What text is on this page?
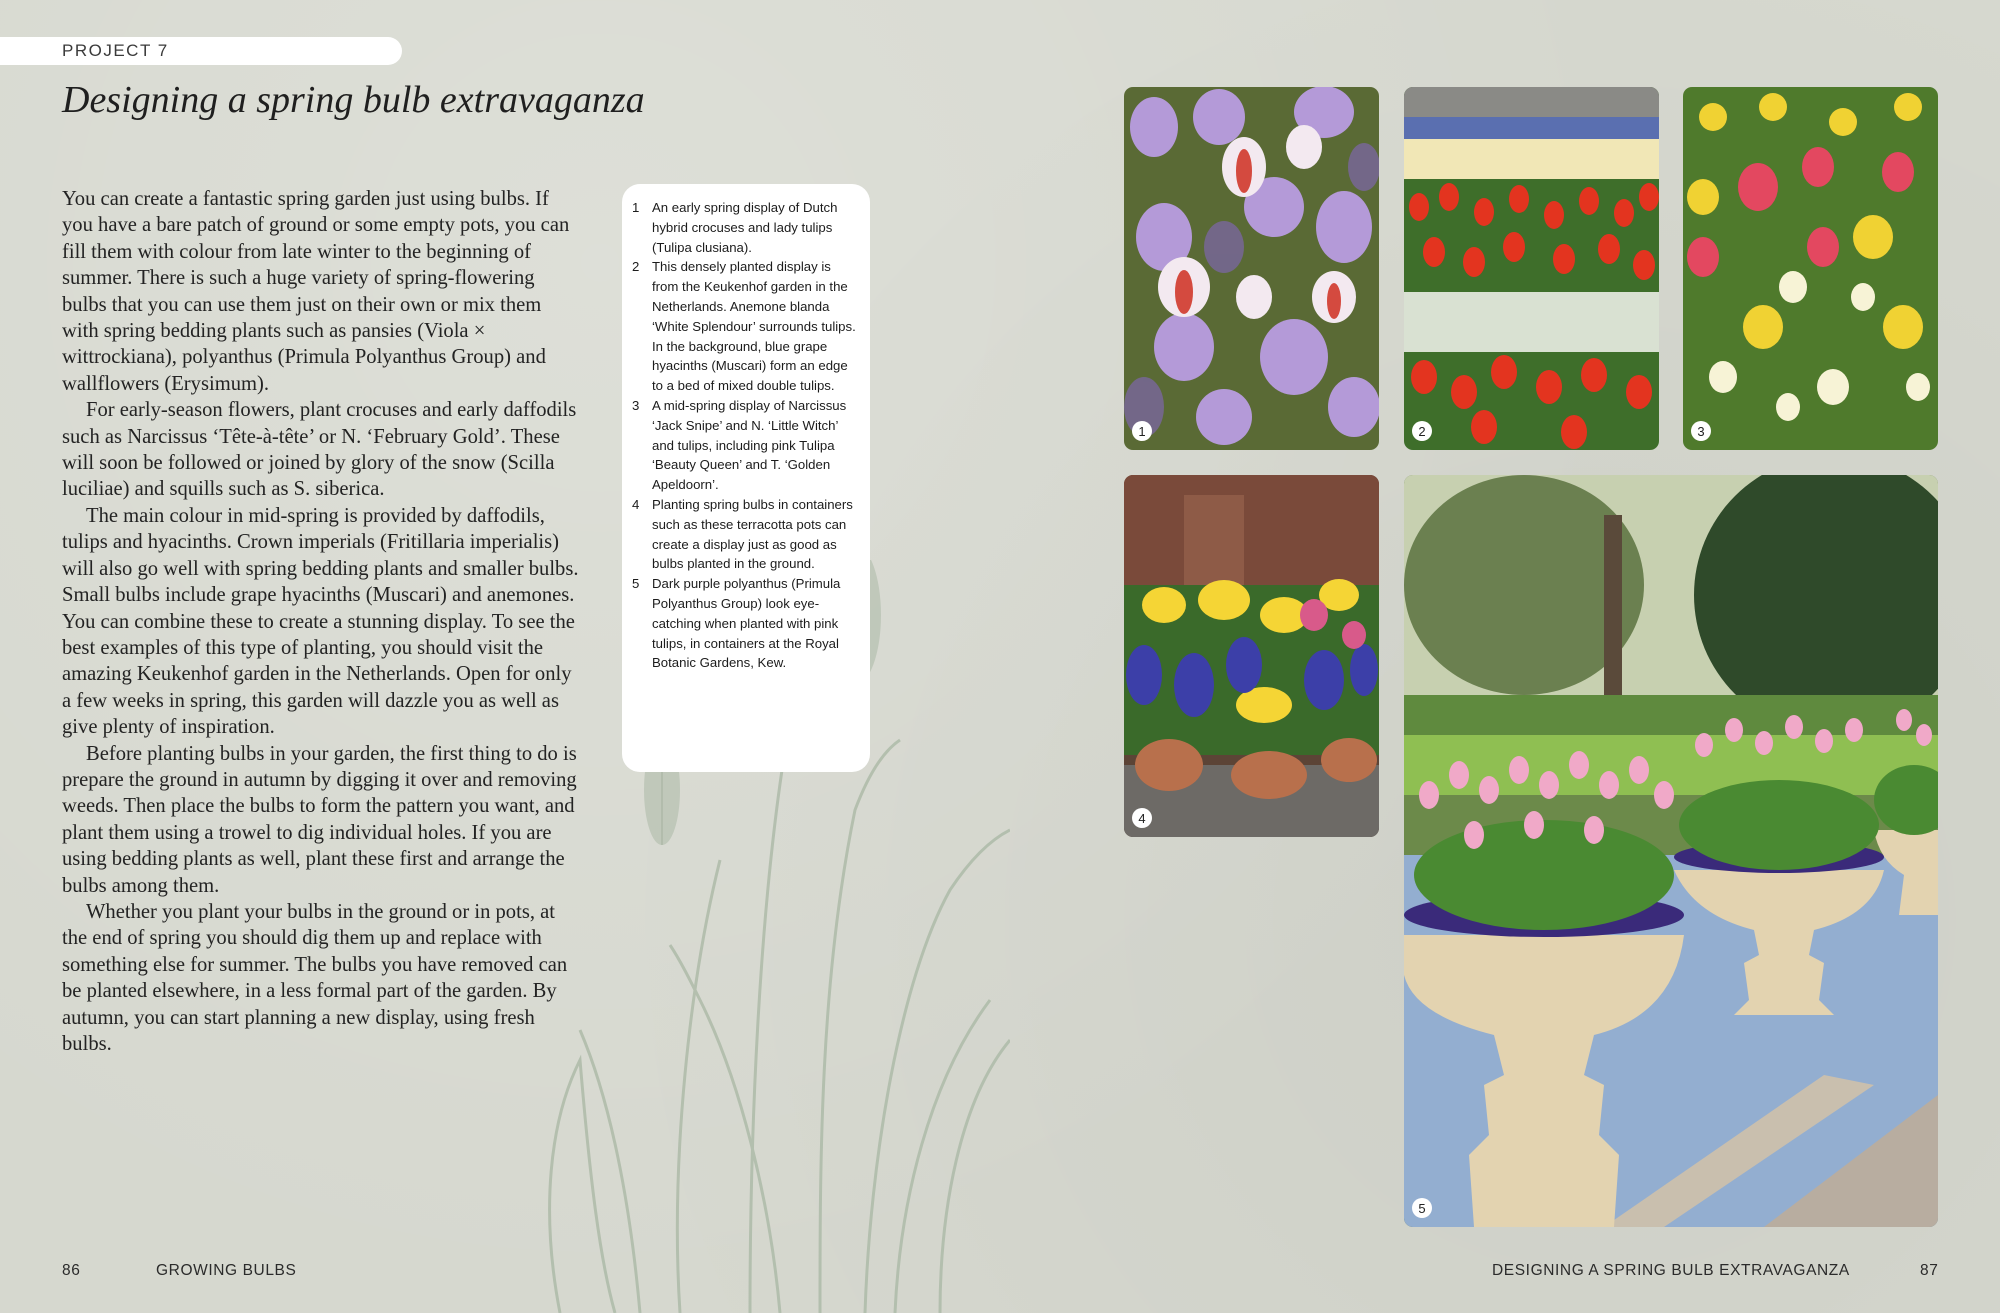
PROJECT 7
Designing a spring bulb extravaganza

You can create a fantastic spring garden just using bulbs. If you have a bare patch of ground or some empty pots, you can fill them with colour from late winter to the beginning of summer. There is such a huge variety of spring-flowering bulbs that you can use them just on their own or mix them with spring bedding plants such as pansies (Viola × wittrockiana), polyanthus (Primula Polyanthus Group) and wallflowers (Erysimum).

For early-season flowers, plant crocuses and early daffodils such as Narcissus ‘Tête-à-tête’ or N. ‘February Gold’. These will soon be followed or joined by glory of the snow (Scilla luciliae) and squills such as S. siberica.

The main colour in mid-spring is provided by daffodils, tulips and hyacinths. Crown imperials (Fritillaria imperialis) will also go well with spring bedding plants and smaller bulbs. Small bulbs include grape hyacinths (Muscari) and anemones. You can combine these to create a stunning display. To see the best examples of this type of planting, you should visit the amazing Keukenhof garden in the Netherlands. Open for only a few weeks in spring, this garden will dazzle you as well as give plenty of inspiration.

Before planting bulbs in your garden, the first thing to do is prepare the ground in autumn by digging it over and removing weeds. Then place the bulbs to form the pattern you want, and plant them using a trowel to dig individual holes. If you are using bedding plants as well, plant these first and arrange the bulbs among them.

Whether you plant your bulbs in the ground or in pots, at the end of spring you should dig them up and replace with something else for summer. The bulbs you have removed can be planted elsewhere, in a less formal part of the garden. By autumn, you can start planning a new display, using fresh bulbs.

1 An early spring display of Dutch hybrid crocuses and lady tulips (Tulipa clusiana).
2 This densely planted display is from the Keukenhof garden in the Netherlands. Anemone blanda ‘White Splendour’ surrounds tulips. In the background, blue grape hyacinths (Muscari) form an edge to a bed of mixed double tulips.
3 A mid-spring display of Narcissus ‘Jack Snipe’ and N. ‘Little Witch’ and tulips, including pink Tulipa ‘Beauty Queen’ and T. ‘Golden Apeldoorn’.
4 Planting spring bulbs in containers such as these terracotta pots can create a display just as good as bulbs planted in the ground.
5 Dark purple polyanthus (Primula Polyanthus Group) look eye-catching when planted with pink tulips, in containers at the Royal Botanic Gardens, Kew.
1	2	3
4
5
86	GROWING BULBS	DESIGNING A SPRING BULB EXTRAVAGANZA	87
